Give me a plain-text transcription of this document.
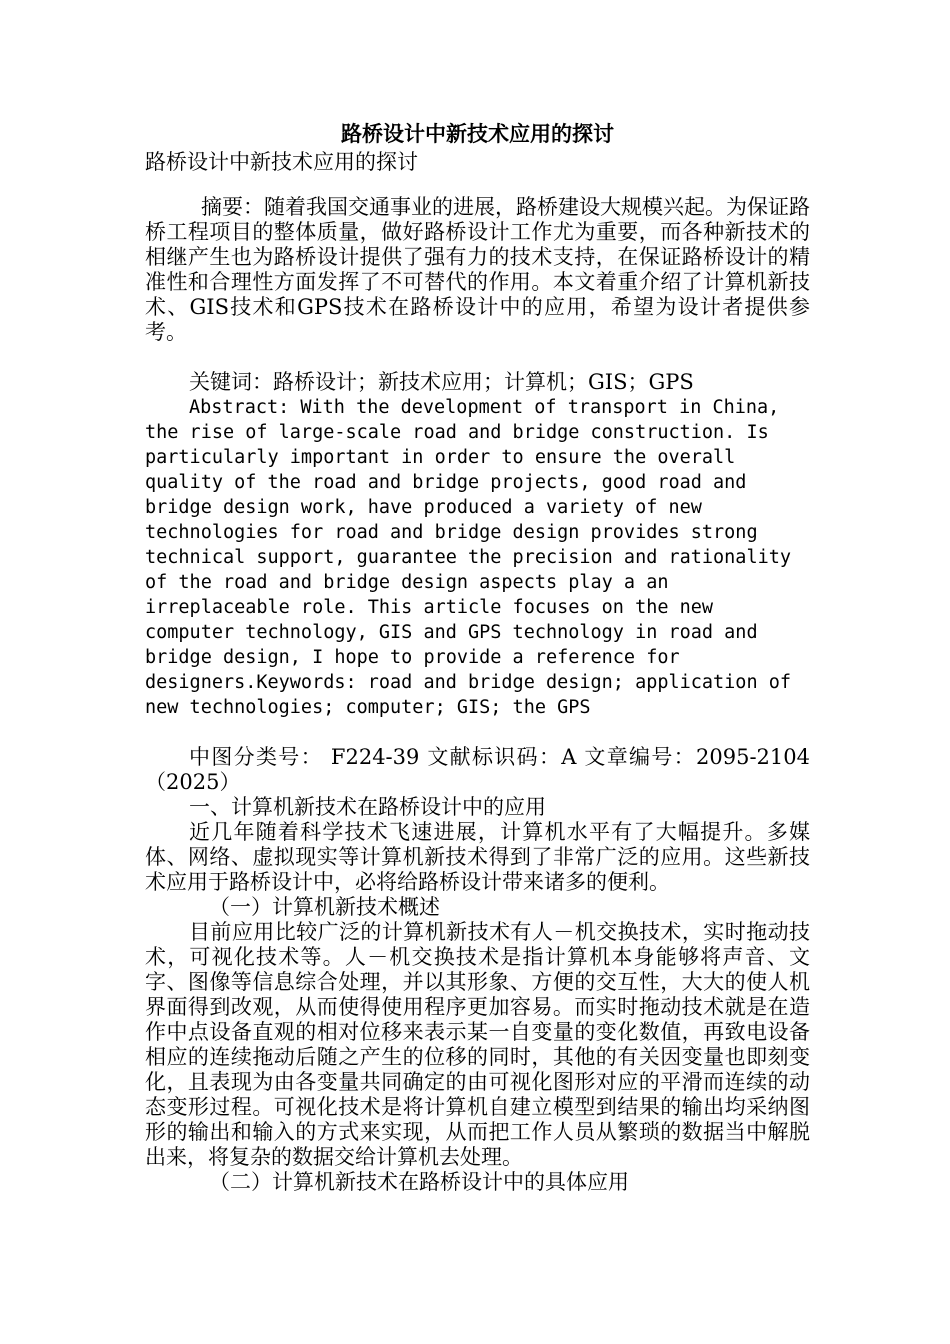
路桥设计中新技术应用的探讨

路桥设计中新技术应用的探讨

摘要：随着我国交通事业的进展，路桥建设大规模兴起。为保证路桥工程项目的整体质量，做好路桥设计工作尤为重要，而各种新技术的相继产生也为路桥设计提供了强有力的技术支持，在保证路桥设计的精准性和合理性方面发挥了不可替代的作用。本文着重介绍了计算机新技术、GIS技术和GPS技术在路桥设计中的应用，希望为设计者提供参考。

关键词：路桥设计；新技术应用；计算机；GIS；GPS

Abstract: With the development of transport in China, the rise of large-scale road and bridge construction. Is particularly important in order to ensure the overall quality of the road and bridge projects, good road and bridge design work, have produced a variety of new technologies for road and bridge design provides strong technical support, guarantee the precision and rationality of the road and bridge design aspects play a an irreplaceable role. This article focuses on the new computer technology, GIS and GPS technology in road and bridge design, I hope to provide a reference for designers.Keywords: road and bridge design; application of new technologies; computer; GIS; the GPS

中图分类号： F224-39 文献标识码：A 文章编号：2095-2104（2025）

一、计算机新技术在路桥设计中的应用

近几年随着科学技术飞速进展，计算机水平有了大幅提升。多媒体、网络、虚拟现实等计算机新技术得到了非常广泛的应用。这些新技术应用于路桥设计中，必将给路桥设计带来诸多的便利。

（一）计算机新技术概述

目前应用比较广泛的计算机新技术有人－机交换技术，实时拖动技术，可视化技术等。人－机交换技术是指计算机本身能够将声音、文字、图像等信息综合处理，并以其形象、方便的交互性，大大的使人机界面得到改观，从而使得使用程序更加容易。而实时拖动技术就是在造作中点设备直观的相对位移来表示某一自变量的变化数值，再致电设备相应的连续拖动后随之产生的位移的同时，其他的有关因变量也即刻变化，且表现为由各变量共同确定的由可视化图形对应的平滑而连续的动态变形过程。可视化技术是将计算机自建立模型到结果的输出均采纳图形的输出和输入的方式来实现，从而把工作人员从繁琐的数据当中解脱出来，将复杂的数据交给计算机去处理。

（二）计算机新技术在路桥设计中的具体应用
